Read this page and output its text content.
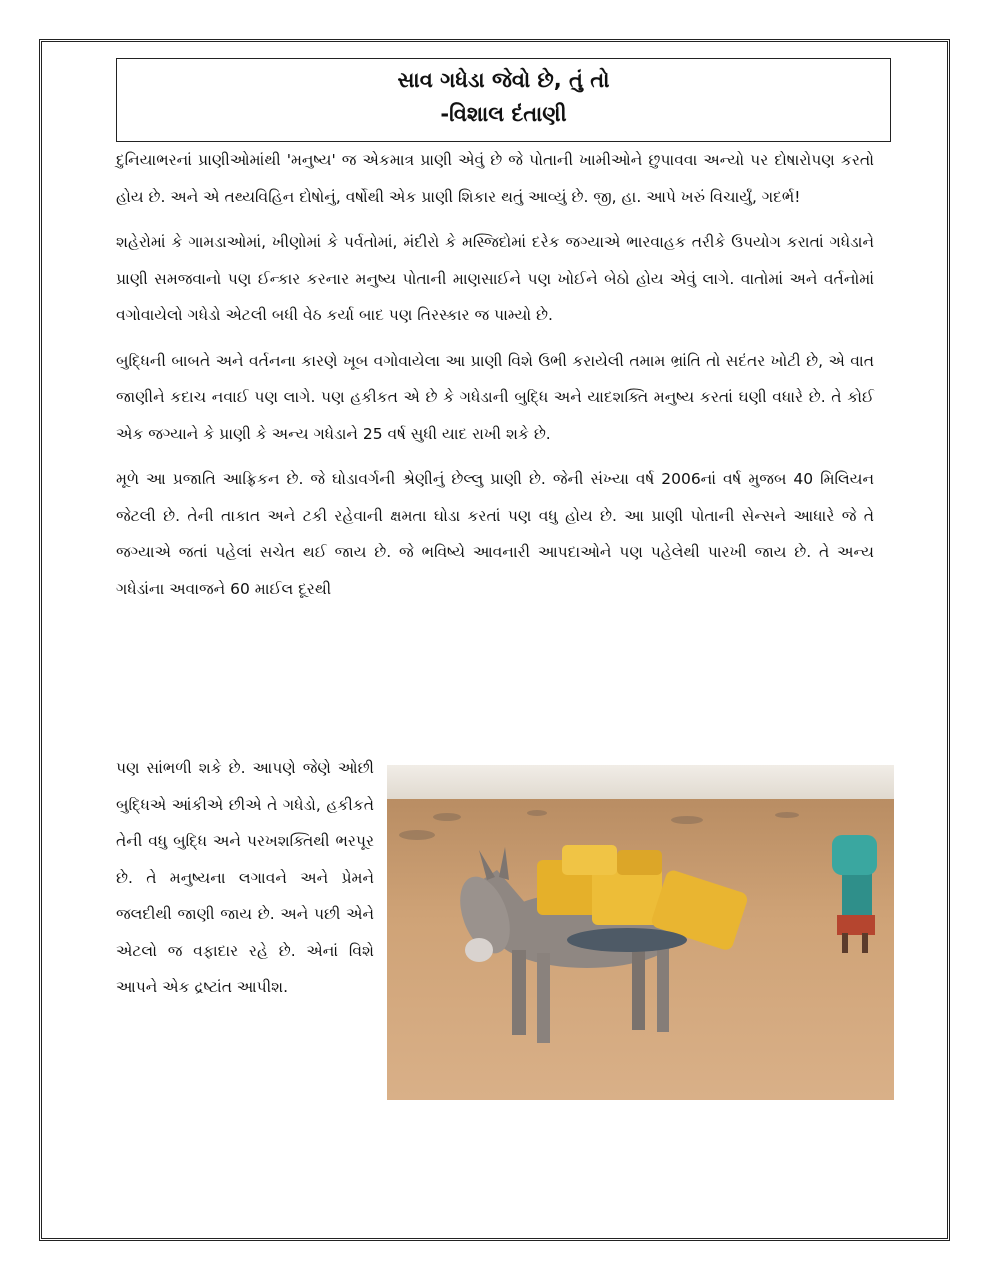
સાવ ગધેડા જેવો છે, તું તો
-વિશાલ દંતાણી

દુનિયાભરનાં પ્રાણીઓમાંથી 'મનુષ્ય' જ એકમાત્ર પ્રાણી એવું છે જે પોતાની ખામીઓને છુપાવવા અન્યો પર દોષારોપણ કરતો હોય છે. અને એ તથ્યવિહિન દોષોનું, વર્ષોથી એક પ્રાણી શિકાર થતું આવ્યું છે. જી, હા. આપે ખરું વિચાર્યું, ગદર્ભ!

શહેરોમાં કે ગામડાઓમાં, ખીણોમાં કે પર્વતોમાં, મંદીરો કે મસ્જિદોમાં દરેક જગ્યાએ ભારવાહક તરીકે ઉપયોગ કરાતાં ગધેડાને પ્રાણી સમજવાનો પણ ઈન્કાર કરનાર મનુષ્ય પોતાની માણસાઈને પણ ખોઈને બેઠો હોય એવું લાગે. વાતોમાં અને વર્તનોમાં વગોવાયેલો ગધેડો એટલી બધી વેઠ કર્યા બાદ પણ તિરસ્કાર જ પામ્યો છે.

બુદ્ધિની બાબતે અને વર્તનના કારણે ખૂબ વગોવાયેલા આ પ્રાણી વિશે ઉભી કરાયેલી તમામ ભ્રાંતિ તો સદંતર ખોટી છે, એ વાત જાણીને કદાચ નવાઈ પણ લાગે. પણ હકીકત એ છે કે ગધેડાની બુદ્ધિ અને યાદશક્તિ મનુષ્ય કરતાં ઘણી વધારે છે. તે કોઈ એક જગ્યાને કે પ્રાણી કે અન્ય ગધેડાને 25 વર્ષ સુધી યાદ રાખી શકે છે.

મૂળે આ પ્રજાતિ આફ્રિકન છે. જે ઘોડાવર્ગની શ્રેણીનું છેલ્લુ પ્રાણી છે. જેની સંખ્યા વર્ષ 2006નાં વર્ષ મુજબ 40 મિલિયન જેટલી છે. તેની તાકાત અને ટકી રહેવાની ક્ષમતા ઘોડા કરતાં પણ વધુ હોય છે. આ પ્રાણી પોતાની સેન્સને આધારે જે તે જગ્યાએ જતાં પહેલાં સચેત થઈ જાય છે. જે ભવિષ્યે આવનારી આપદાઓને પણ પહેલેથી પારખી જાય છે. તે અન્ય ગધેડાંના અવાજને 60 માઈલ દૂરથી

પણ સાંભળી શકે છે. આપણે જેણે ઓછી બુદ્ધિએ આંકીએ છીએ તે ગધેડો, હકીકતે તેની વધુ બુદ્ધિ અને પરખશક્તિથી ભરપૂર છે. તે મનુષ્યના લગાવને અને પ્રેમને જલદીથી જાણી જાય છે. અને પછી એને એટલો જ વફાદાર રહે છે. એનાં વિશે આપને એક દ્રષ્ટાંત આપીશ.
